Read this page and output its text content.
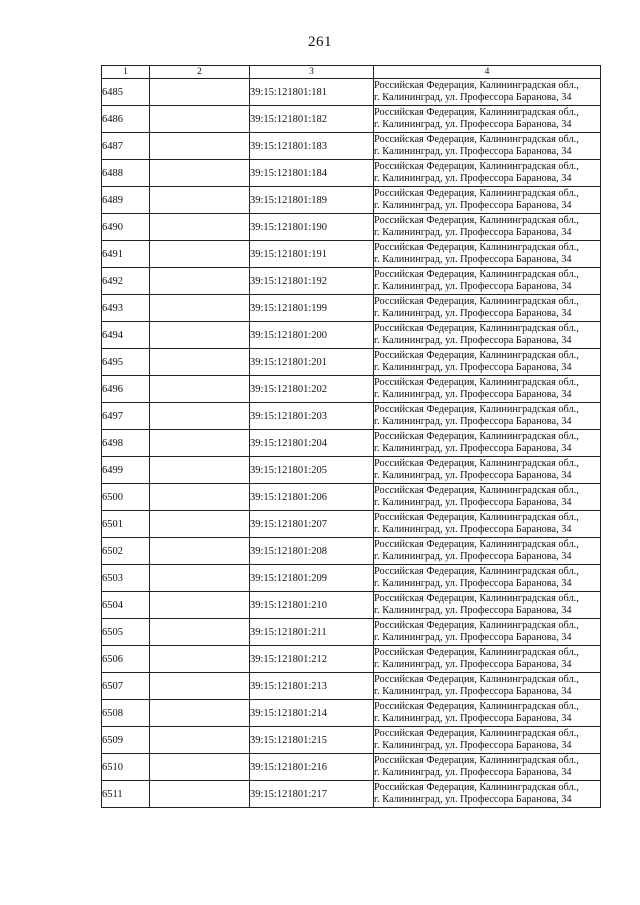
261
1	2	3	4
6485		39:15:121801:181	Российская Федерация, Калининградская обл.,
г. Калининград, ул. Профессора Баранова, 34

6486		39:15:121801:182	Российская Федерация, Калининградская обл.,
г. Калининград, ул. Профессора Баранова, 34

6487		39:15:121801:183	Российская Федерация, Калининградская обл.,
г. Калининград, ул. Профессора Баранова, 34

6488		39:15:121801:184	Российская Федерация, Калининградская обл.,
г. Калининград, ул. Профессора Баранова, 34

6489		39:15:121801:189	Российская Федерация, Калининградская обл.,
г. Калининград, ул. Профессора Баранова, 34

6490		39:15:121801:190	Российская Федерация, Калининградская обл.,
г. Калининград, ул. Профессора Баранова, 34

6491		39:15:121801:191	Российская Федерация, Калининградская обл.,
г. Калининград, ул. Профессора Баранова, 34

6492		39:15:121801:192	Российская Федерация, Калининградская обл.,
г. Калининград, ул. Профессора Баранова, 34

6493		39:15:121801:199	Российская Федерация, Калининградская обл.,
г. Калининград, ул. Профессора Баранова, 34

6494		39:15:121801:200	Российская Федерация, Калининградская обл.,
г. Калининград, ул. Профессора Баранова, 34

6495		39:15:121801:201	Российская Федерация, Калининградская обл.,
г. Калининград, ул. Профессора Баранова, 34

6496		39:15:121801:202	Российская Федерация, Калининградская обл.,
г. Калининград, ул. Профессора Баранова, 34

6497		39:15:121801:203	Российская Федерация, Калининградская обл.,
г. Калининград, ул. Профессора Баранова, 34

6498		39:15:121801:204	Российская Федерация, Калининградская обл.,
г. Калининград, ул. Профессора Баранова, 34

6499		39:15:121801:205	Российская Федерация, Калининградская обл.,
г. Калининград, ул. Профессора Баранова, 34

6500		39:15:121801:206	Российская Федерация, Калининградская обл.,
г. Калининград, ул. Профессора Баранова, 34

6501		39:15:121801:207	Российская Федерация, Калининградская обл.,
г. Калининград, ул. Профессора Баранова, 34

6502		39:15:121801:208	Российская Федерация, Калининградская обл.,
г. Калининград, ул. Профессора Баранова, 34

6503		39:15:121801:209	Российская Федерация, Калининградская обл.,
г. Калининград, ул. Профессора Баранова, 34

6504		39:15:121801:210	Российская Федерация, Калининградская обл.,
г. Калининград, ул. Профессора Баранова, 34

6505		39:15:121801:211	Российская Федерация, Калининградская обл.,
г. Калининград, ул. Профессора Баранова, 34

6506		39:15:121801:212	Российская Федерация, Калининградская обл.,
г. Калининград, ул. Профессора Баранова, 34

6507		39:15:121801:213	Российская Федерация, Калининградская обл.,
г. Калининград, ул. Профессора Баранова, 34

6508		39:15:121801:214	Российская Федерация, Калининградская обл.,
г. Калининград, ул. Профессора Баранова, 34

6509		39:15:121801:215	Российская Федерация, Калининградская обл.,
г. Калининград, ул. Профессора Баранова, 34

6510		39:15:121801:216	Российская Федерация, Калининградская обл.,
г. Калининград, ул. Профессора Баранова, 34

6511		39:15:121801:217	Российская Федерация, Калининградская обл.,
г. Калининград, ул. Профессора Баранова, 34
